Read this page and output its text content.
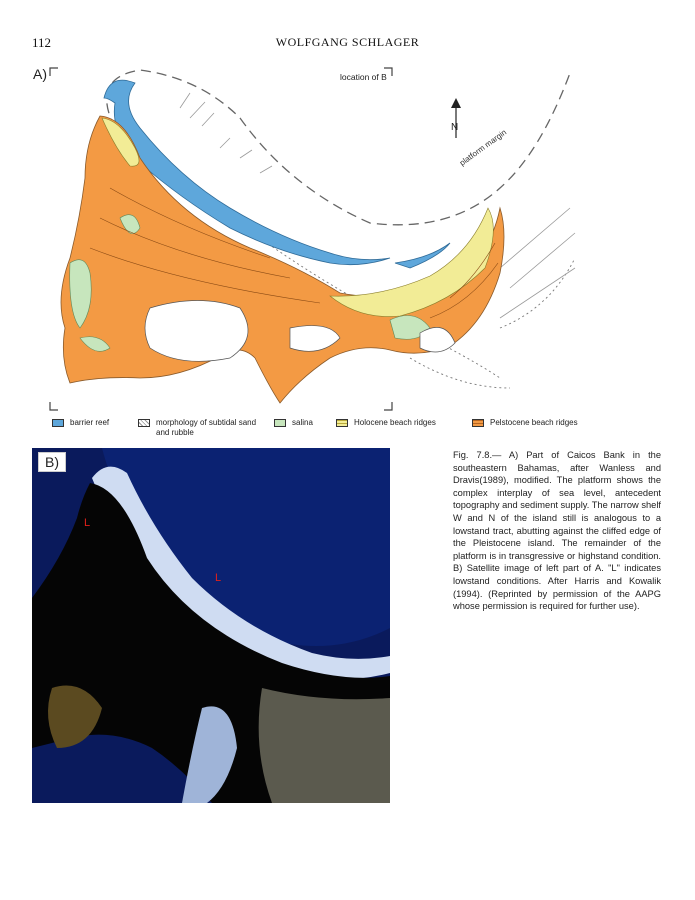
112	WOLFGANG SCHLAGER
A)	location of B
platform margin
N
barrier reef	morphology of subtidal sand and rubble
salina	Holocene beach ridges	Pelstocene beach ridges
L
L
B)	Fig. 7.8.— A) Part of Caicos Bank in the southeastern Bahamas, after Wanless and Dravis(1989), modified. The platform shows the complex interplay of sea level, antecedent topography and sediment supply. The narrow shelf W and N of the island still is analogous to a lowstand tract, abutting against the cliffed edge of the Pleistocene island. The remainder of the platform is in transgressive or highstand condition. B) Satellite image of left part of A. "L" indicates lowstand conditions. After Harris and Kowalik (1994). (Reprinted by permission of the AAPG whose permission is required for further use).
